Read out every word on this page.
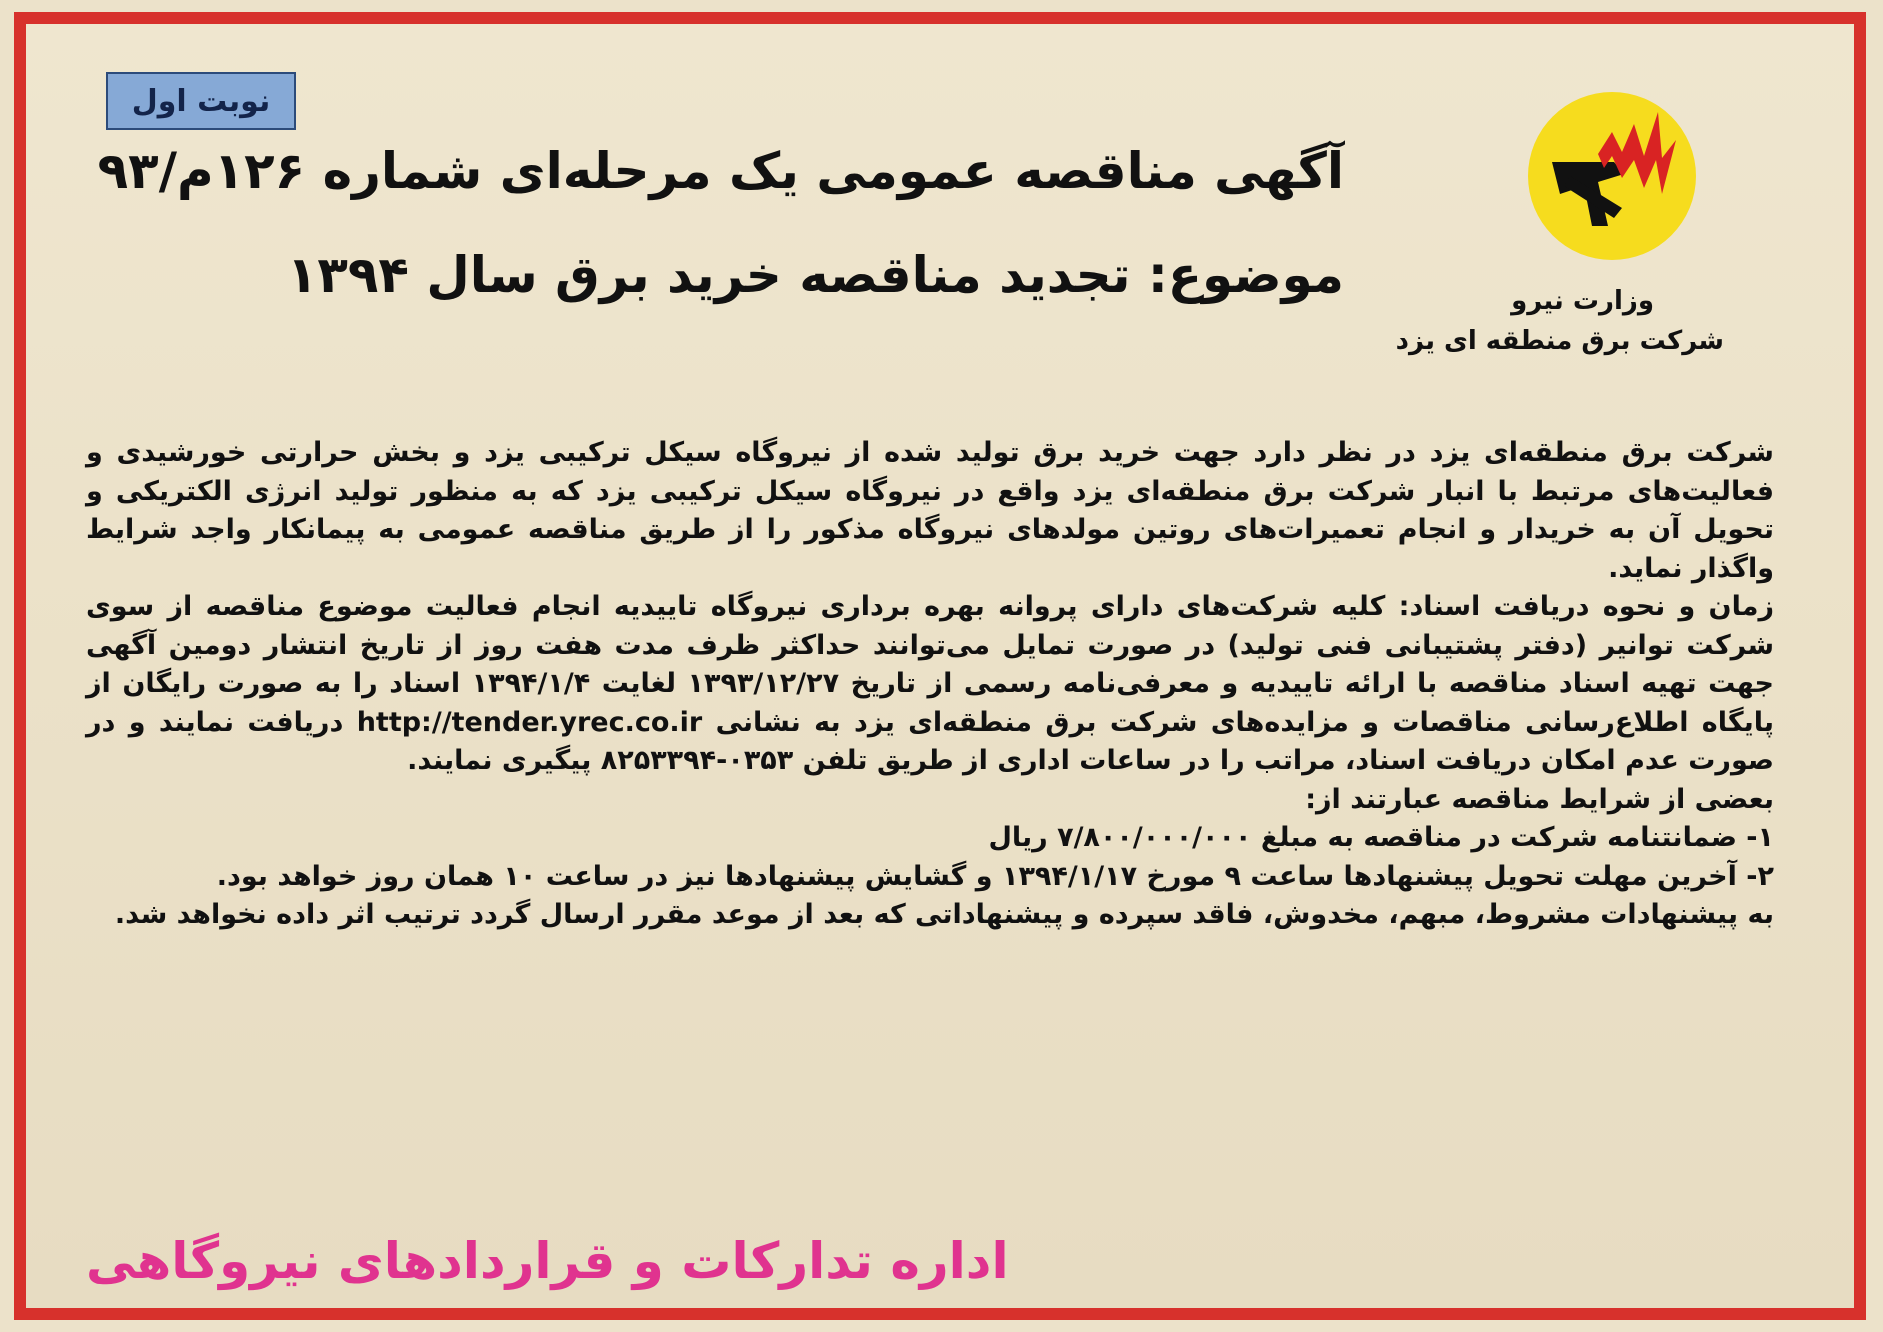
نوبت اول
آگهی مناقصه عمومی یک مرحله‌ای شماره ۱۲۶م/۹۳
موضوع: تجدید مناقصه خرید برق سال ۱۳۹۴	وزارت نیرو
شرکت برق منطقه ای یزد

شرکت برق منطقه‌ای یزد در نظر دارد جهت خرید برق تولید شده از نیروگاه سیکل ترکیبی یزد و بخش حرارتی خورشیدی و فعالیت‌های مرتبط با انبار شرکت برق منطقه‌ای یزد واقع در نیروگاه سیکل ترکیبی یزد که به منظور تولید انرژی الکتریکی و تحویل آن به خریدار و انجام تعمیرات‌های روتین مولدهای نیروگاه مذکور را از طریق مناقصه عمومی به پیمانکار واجد شرایط واگذار نماید.

زمان و نحوه دریافت اسناد: کلیه شرکت‌های دارای پروانه بهره برداری نیروگاه تاییدیه انجام فعالیت موضوع مناقصه از سوی شرکت توانیر (دفتر پشتیبانی فنی تولید) در صورت تمایل می‌توانند حداکثر ظرف مدت هفت روز از تاریخ انتشار دومین آگهی جهت تهیه اسناد مناقصه با ارائه تاییدیه و معرفی‌نامه رسمی از تاریخ ۱۳۹۳/۱۲/۲۷ لغایت ۱۳۹۴/۱/۴ اسناد را به صورت رایگان از پایگاه اطلاع‌رسانی مناقصات و مزایده‌های شرکت برق منطقه‌ای یزد به نشانی http://tender.yrec.co.ir دریافت نمایند و در صورت عدم امکان دریافت اسناد، مراتب را در ساعات اداری از طریق تلفن ۰۳۵۳-۸۲۵۳۳۹۴ پیگیری نمایند.

بعضی از شرایط مناقصه عبارتند از:

۱- ضمانتنامه شرکت در مناقصه به مبلغ ۷/۸۰۰/۰۰۰/۰۰۰ ریال

۲- آخرین مهلت تحویل پیشنهادها ساعت ۹ مورخ ۱۳۹۴/۱/۱۷ و گشایش پیشنهادها نیز در ساعت ۱۰ همان روز خواهد بود.

به پیشنهادات مشروط، مبهم، مخدوش، فاقد سپرده و پیشنهاداتی که بعد از موعد مقرر ارسال گردد ترتیب اثر داده نخواهد شد.

اداره تدارکات و قراردادهای نیروگاهی
